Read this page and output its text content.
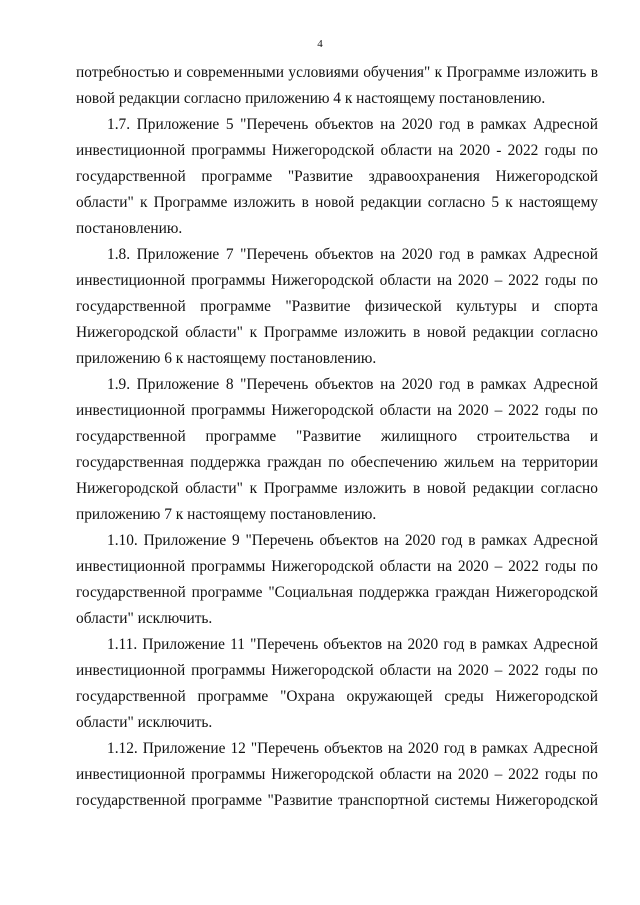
4
потребностью и современными условиями обучения" к Программе изложить в
новой редакции согласно приложению 4 к настоящему постановлению.
1.7. Приложение 5 "Перечень объектов на 2020 год в рамках Адресной
инвестиционной программы Нижегородской области на 2020 - 2022 годы по
государственной программе "Развитие здравоохранения Нижегородской
области" к Программе изложить в новой редакции согласно 5 к настоящему
постановлению.
1.8. Приложение 7 "Перечень объектов на 2020 год в рамках Адресной
инвестиционной программы Нижегородской области на 2020 – 2022 годы по
государственной программе "Развитие физической культуры и спорта
Нижегородской области" к Программе изложить в новой редакции согласно
приложению 6 к настоящему постановлению.
1.9. Приложение 8 "Перечень объектов на 2020 год в рамках Адресной
инвестиционной программы Нижегородской области на 2020 – 2022 годы по
государственной программе "Развитие жилищного строительства и
государственная поддержка граждан по обеспечению жильем на территории
Нижегородской области" к Программе изложить в новой редакции согласно
приложению 7 к настоящему постановлению.
1.10. Приложение 9 "Перечень объектов на 2020 год в рамках Адресной
инвестиционной программы Нижегородской области на 2020 – 2022 годы по
государственной программе "Социальная поддержка граждан Нижегородской
области" исключить.
1.11. Приложение 11 "Перечень объектов на 2020 год в рамках Адресной
инвестиционной программы Нижегородской области на 2020 – 2022 годы по
государственной программе "Охрана окружающей среды Нижегородской
области" исключить.
1.12. Приложение 12 "Перечень объектов на 2020 год в рамках Адресной
инвестиционной программы Нижегородской области на 2020 – 2022 годы по
государственной программе "Развитие транспортной системы Нижегородской
